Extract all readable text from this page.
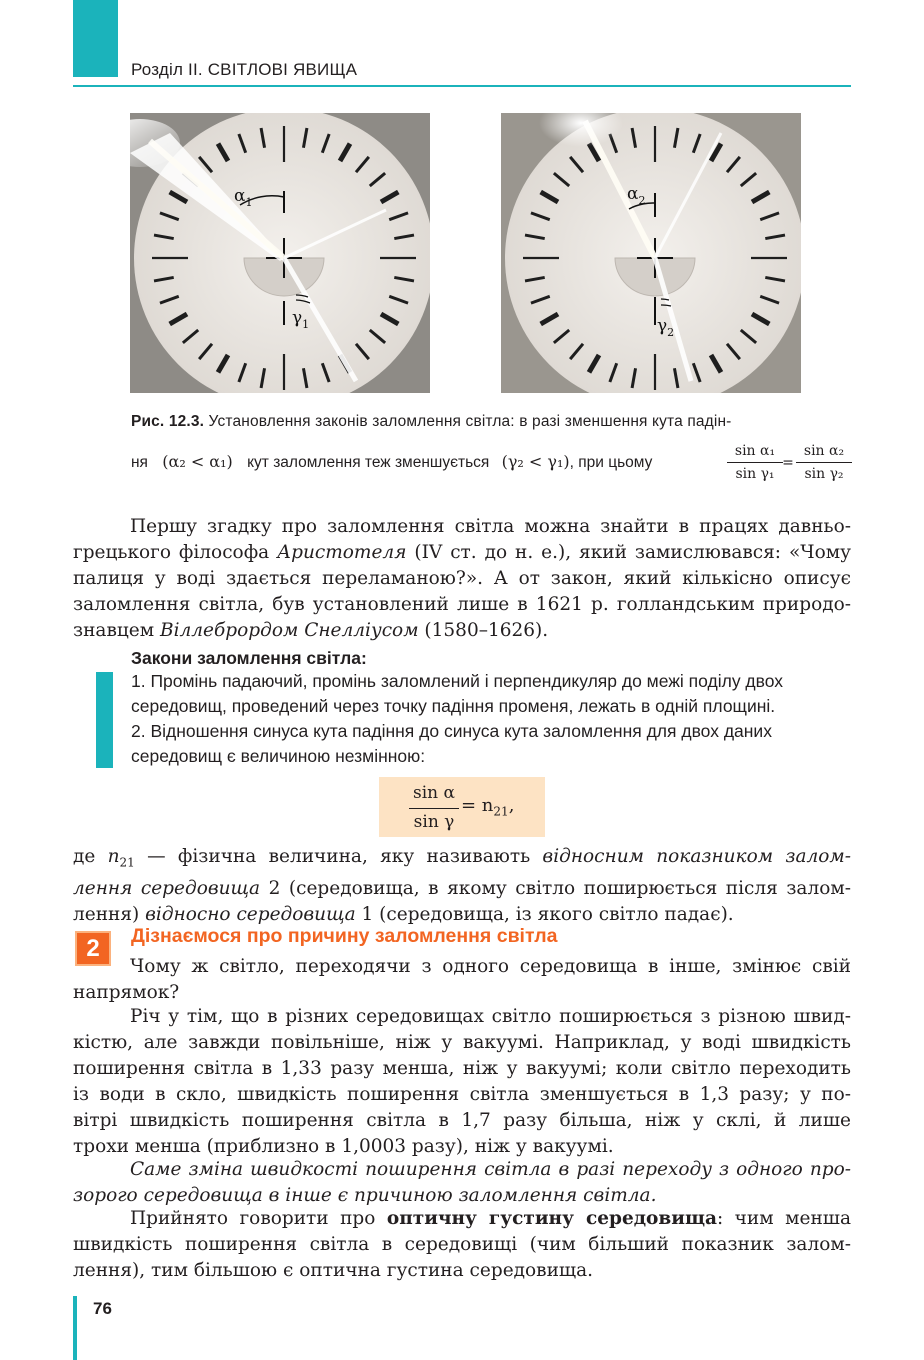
Розділ ІІ. СВІТЛОВІ ЯВИЩА
$\alpha_1$
$\gamma_1$
$\alpha_2$
$\gamma_2$
Рис. 12.3. Установлення законів заломлення світла: в разі зменшення кута падін-
ня (α₂ < α₁) кут заломлення теж зменшується (γ₂ < γ₁), при цьому
sin α₁
sin γ₁
=
sin α₂
sin γ₂
Першу згадку про заломлення світла можна знайти в працях давньо-
грецького філософа Аристотеля (IV ст. до н. е.), який замислювався: «Чому
палиця у воді здається переламаною?». А от закон, який кількісно описує
заломлення світла, був установлений лише в 1621 р. голландським природо-
знавцем Віллебрордом Снелліусом (1580–1626).
Закони заломлення світла:
1. Промінь падаючий, промінь заломлений і перпендикуляр до межі поділу двох
середовищ, проведений через точку падіння променя, лежать в одній площині.
2. Відношення синуса кута падіння до синуса кута заломлення для двох даних
середовищ є величиною незмінною:
sin α
sin γ
= $n_{21}$,
де $n_{21}$ — фізична величина, яку називають відносним показником залом-
лення середовища 2 (середовища, в якому світло поширюється після залом-
лення) відносно середовища 1 (середовища, із якого світло падає).
2	Дізнаємося про причину заломлення світла
Чому ж світло, переходячи з одного середовища в інше, змінює свій
напрямок?
Річ у тім, що в різних середовищах світло поширюється з різною швид-
кістю, але завжди повільніше, ніж у вакуумі. Наприклад, у воді швидкість
поширення світла в 1,33 разу менша, ніж у вакуумі; коли світло переходить
із води в скло, швидкість поширення світла зменшується в 1,3 разу; у по-
вітрі швидкість поширення світла в 1,7 разу більша, ніж у склі, й лише
трохи менша (приблизно в 1,0003 разу), ніж у вакуумі.
Саме зміна швидкості поширення світла в разі переходу з одного про-
зорого середовища в інше є причиною заломлення світла.
Прийнято говорити про оптичну густину середовища: чим менша
швидкість поширення світла в середовищі (чим більший показник залом-
лення), тим більшою є оптична густина середовища.
76
